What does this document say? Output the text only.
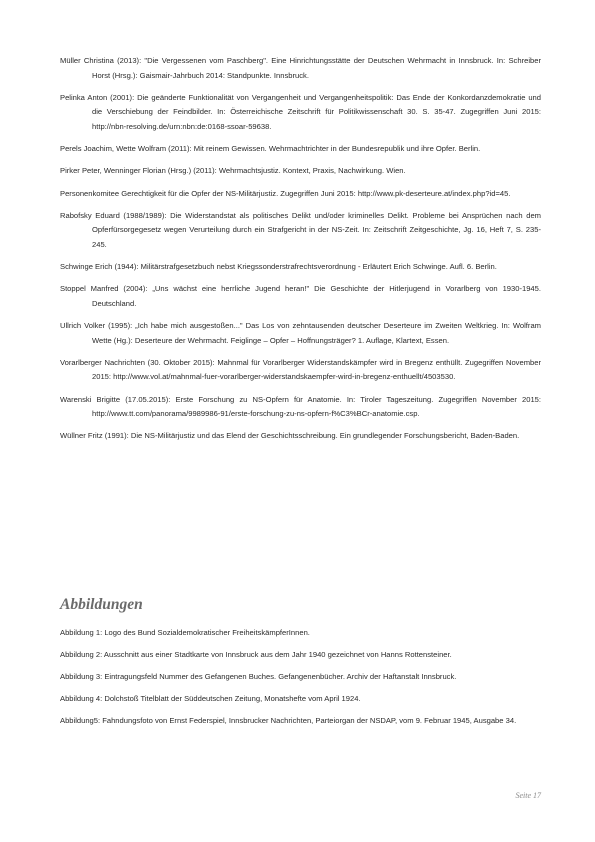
Müller Christina (2013): "Die Vergessenen vom Paschberg". Eine Hinrichtungsstätte der Deutschen Wehrmacht in Innsbruck. In: Schreiber Horst (Hrsg.): Gaismair-Jahrbuch 2014: Standpunkte. Innsbruck.

Pelinka Anton (2001): Die geänderte Funktionalität von Vergangenheit und Vergangenheitspolitik: Das Ende der Konkordanzdemokratie und die Verschiebung der Feindbilder. In: Österreichische Zeitschrift für Politikwissenschaft 30. S. 35-47. Zugegriffen Juni 2015: http://nbn-resolving.de/urn:nbn:de:0168-ssoar-59638.

Perels Joachim, Wette Wolfram (2011): Mit reinem Gewissen. Wehrmachtrichter in der Bundesrepublik und ihre Opfer. Berlin.

Pirker Peter, Wenninger Florian (Hrsg.) (2011): Wehrmachtsjustiz. Kontext, Praxis, Nachwirkung. Wien.

Personenkomitee Gerechtigkeit für die Opfer der NS-Militärjustiz. Zugegriffen Juni 2015: http://www.pk-deserteure.at/index.php?id=45.

Rabofsky Eduard (1988/1989): Die Widerstandstat als politisches Delikt und/oder kriminelles Delikt. Probleme bei Ansprüchen nach dem Opferfürsorgegesetz wegen Verurteilung durch ein Strafgericht in der NS-Zeit. In: Zeitschrift Zeitgeschichte, Jg. 16, Heft 7, S. 235-245.

Schwinge Erich (1944): Militärstrafgesetzbuch nebst Kriegssonderstrafrechtsverordnung - Erläutert Erich Schwinge. Aufl. 6. Berlin.

Stoppel Manfred (2004): „Uns wächst eine herrliche Jugend heran!" Die Geschichte der Hitlerjugend in Vorarlberg von 1930-1945. Deutschland.

Ullrich Volker (1995): „Ich habe mich ausgestoßen..." Das Los von zehntausenden deutscher Deserteure im Zweiten Weltkrieg. In: Wolfram Wette (Hg.): Deserteure der Wehrmacht. Feiglinge – Opfer – Hoffnungsträger? 1. Auflage, Klartext, Essen.

Vorarlberger Nachrichten (30. Oktober 2015): Mahnmal für Vorarlberger Widerstandskämpfer wird in Bregenz enthüllt. Zugegriffen November 2015: http://www.vol.at/mahnmal-fuer-vorarlberger-widerstandskaempfer-wird-in-bregenz-enthuellt/4503530.

Warenski Brigitte (17.05.2015): Erste Forschung zu NS-Opfern für Anatomie. In: Tiroler Tageszeitung. Zugegriffen November 2015: http://www.tt.com/panorama/9989986-91/erste-forschung-zu-ns-opfern-f%C3%BCr-anatomie.csp.

Wüllner Fritz (1991): Die NS-Militärjustiz und das Elend der Geschichtsschreibung. Ein grundlegender Forschungsbericht, Baden-Baden.

Abbildungen

Abbildung 1: Logo des Bund Sozialdemokratischer FreiheitskämpferInnen.

Abbildung 2: Ausschnitt aus einer Stadtkarte von Innsbruck aus dem Jahr 1940 gezeichnet von Hanns Rottensteiner.

Abbildung 3: Eintragungsfeld Nummer des Gefangenen Buches. Gefangenenbücher. Archiv der Haftanstalt Innsbruck.

Abbildung 4: Dolchstoß Titelblatt der Süddeutschen Zeitung, Monatshefte vom April 1924.

Abbildung5: Fahndungsfoto von Ernst Federspiel, Innsbrucker Nachrichten, Parteiorgan der NSDAP, vom 9. Februar 1945, Ausgabe 34.

Seite 17
